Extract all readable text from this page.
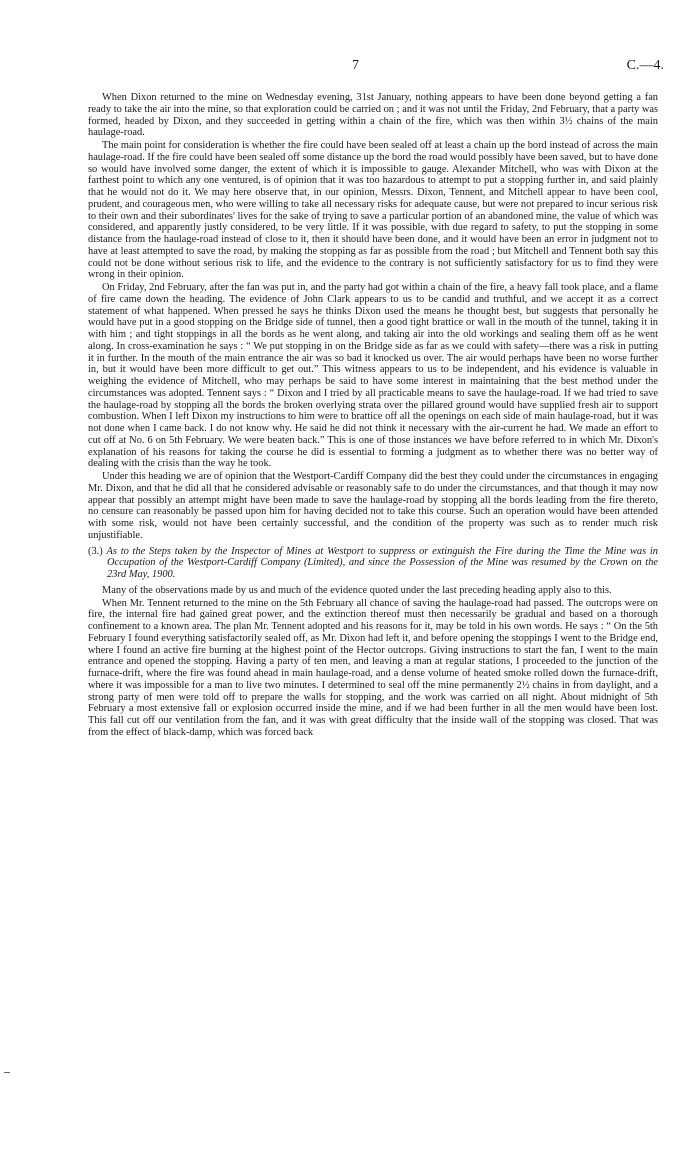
7	C.—4.

When Dixon returned to the mine on Wednesday evening, 31st January, nothing appears to have been done beyond getting a fan ready to take the air into the mine, so that exploration could be carried on ; and it was not until the Friday, 2nd February, that a party was formed, headed by Dixon, and they succeeded in getting within a chain of the fire, which was then within 3½ chains of the main haulage-road.

The main point for consideration is whether the fire could have been sealed off at least a chain up the bord instead of across the main haulage-road. If the fire could have been sealed off some distance up the bord the road would possibly have been saved, but to have done so would have involved some danger, the extent of which it is impossible to gauge. Alexander Mitchell, who was with Dixon at the farthest point to which any one ventured, is of opinion that it was too hazardous to attempt to put a stopping further in, and said plainly that he would not do it. We may here observe that, in our opinion, Messrs. Dixon, Tennent, and Mitchell appear to have been cool, prudent, and courageous men, who were willing to take all necessary risks for adequate cause, but were not prepared to incur serious risk to their own and their subordinates' lives for the sake of trying to save a particular portion of an abandoned mine, the value of which was considered, and apparently justly considered, to be very little. If it was possible, with due regard to safety, to put the stopping in some distance from the haulage-road instead of close to it, then it should have been done, and it would have been an error in judgment not to have at least attempted to save the road, by making the stopping as far as possible from the road ; but Mitchell and Tennent both say this could not be done without serious risk to life, and the evidence to the contrary is not sufficiently satisfactory for us to find they were wrong in their opinion.

On Friday, 2nd February, after the fan was put in, and the party had got within a chain of the fire, a heavy fall took place, and a flame of fire came down the heading. The evidence of John Clark appears to us to be candid and truthful, and we accept it as a correct statement of what happened. When pressed he says he thinks Dixon used the means he thought best, but suggests that personally he would have put in a good stopping on the Bridge side of tunnel, then a good tight brattice or wall in the mouth of the tunnel, taking it in with him ; and tight stoppings in all the bords as he went along, and taking air into the old workings and sealing them off as he went along. In cross-examination he says : “ We put stopping in on the Bridge side as far as we could with safety—there was a risk in putting it in further. In the mouth of the main entrance the air was so bad it knocked us over. The air would perhaps have been no worse further in, but it would have been more difficult to get out.” This witness appears to us to be independent, and his evidence is valuable in weighing the evidence of Mitchell, who may perhaps be said to have some interest in maintaining that the best method under the circumstances was adopted. Tennent says : “ Dixon and I tried by all practicable means to save the haulage-road. If we had tried to save the haulage-road by stopping all the bords the broken overlying strata over the pillared ground would have supplied fresh air to support combustion. When I left Dixon my instructions to him were to brattice off all the openings on each side of main haulage-road, but it was not done when I came back. I do not know why. He said he did not think it necessary with the air-current he had. We made an effort to cut off at No. 6 on 5th February. We were beaten back.” This is one of those instances we have before referred to in which Mr. Dixon's explanation of his reasons for taking the course he did is essential to forming a judgment as to whether there was no better way of dealing with the crisis than the way he took.

Under this heading we are of opinion that the Westport-Cardiff Company did the best they could under the circumstances in engaging Mr. Dixon, and that he did all that he considered advisable or reasonably safe to do under the circumstances, and that though it may now appear that possibly an attempt might have been made to save the haulage-road by stopping all the bords leading from the fire thereto, no censure can reasonably be passed upon him for having decided not to take this course. Such an operation would have been attended with some risk, would not have been certainly successful, and the condition of the property was such as to render much risk unjustifiable.

(3.) As to the Steps taken by the Inspector of Mines at Westport to suppress or extinguish the Fire during the Time the Mine was in Occupation of the Westport-Cardiff Company (Limited), and since the Possession of the Mine was resumed by the Crown on the 23rd May, 1900.

Many of the observations made by us and much of the evidence quoted under the last preceding heading apply also to this.

When Mr. Tennent returned to the mine on the 5th February all chance of saving the haulage-road had passed. The outcrops were on fire, the internal fire had gained great power, and the extinction thereof must then necessarily be gradual and based on a thorough confinement to a known area. The plan Mr. Tennent adopted and his reasons for it, may be told in his own words. He says : “ On the 5th February I found everything satisfactorily sealed off, as Mr. Dixon had left it, and before opening the stoppings I went to the Bridge end, where I found an active fire burning at the highest point of the Hector outcrops. Giving instructions to start the fan, I went to the main entrance and opened the stopping. Having a party of ten men, and leaving a man at regular stations, I proceeded to the junction of the furnace-drift, where the fire was found ahead in main haulage-road, and a dense volume of heated smoke rolled down the furnace-drift, where it was impossible for a man to live two minutes. I determined to seal off the mine permanently 2½ chains in from daylight, and a strong party of men were told off to prepare the walls for stopping, and the work was carried on all night. About midnight of 5th February a most extensive fall or explosion occurred inside the mine, and if we had been further in all the men would have been lost. This fall cut off our ventilation from the fan, and it was with great difficulty that the inside wall of the stopping was closed. That was from the effect of black-damp, which was forced back
